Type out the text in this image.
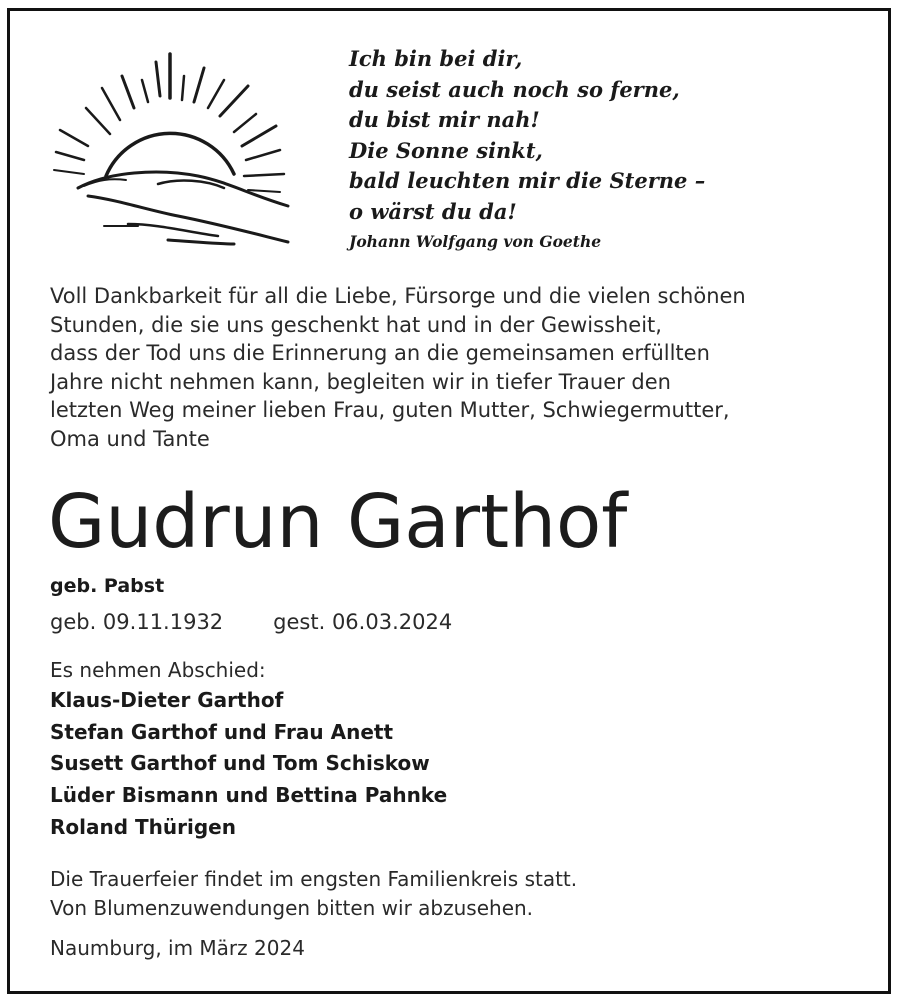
Ich bin bei dir,
du seist auch noch so ferne,
du bist mir nah!
Die Sonne sinkt,
bald leuchten mir die Sterne –
o wärst du da!
Johann Wolfgang von Goethe
Voll Dankbarkeit für all die Liebe, Fürsorge und die vielen schönen
Stunden, die sie uns geschenkt hat und in der Gewissheit,
dass der Tod uns die Erinnerung an die gemeinsamen erfüllten
Jahre nicht nehmen kann, begleiten wir in tiefer Trauer den
letzten Weg meiner lieben Frau, guten Mutter, Schwiegermutter,
Oma und Tante
Gudrun Garthof
geb. Pabst
geb. 09.11.1932 gest. 06.03.2024
Es nehmen Abschied:
Klaus-Dieter Garthof
Stefan Garthof und Frau Anett
Susett Garthof und Tom Schiskow
Lüder Bismann und Bettina Pahnke
Roland Thürigen
Die Trauerfeier findet im engsten Familienkreis statt.
Von Blumenzuwendungen bitten wir abzusehen.
Naumburg, im März 2024
